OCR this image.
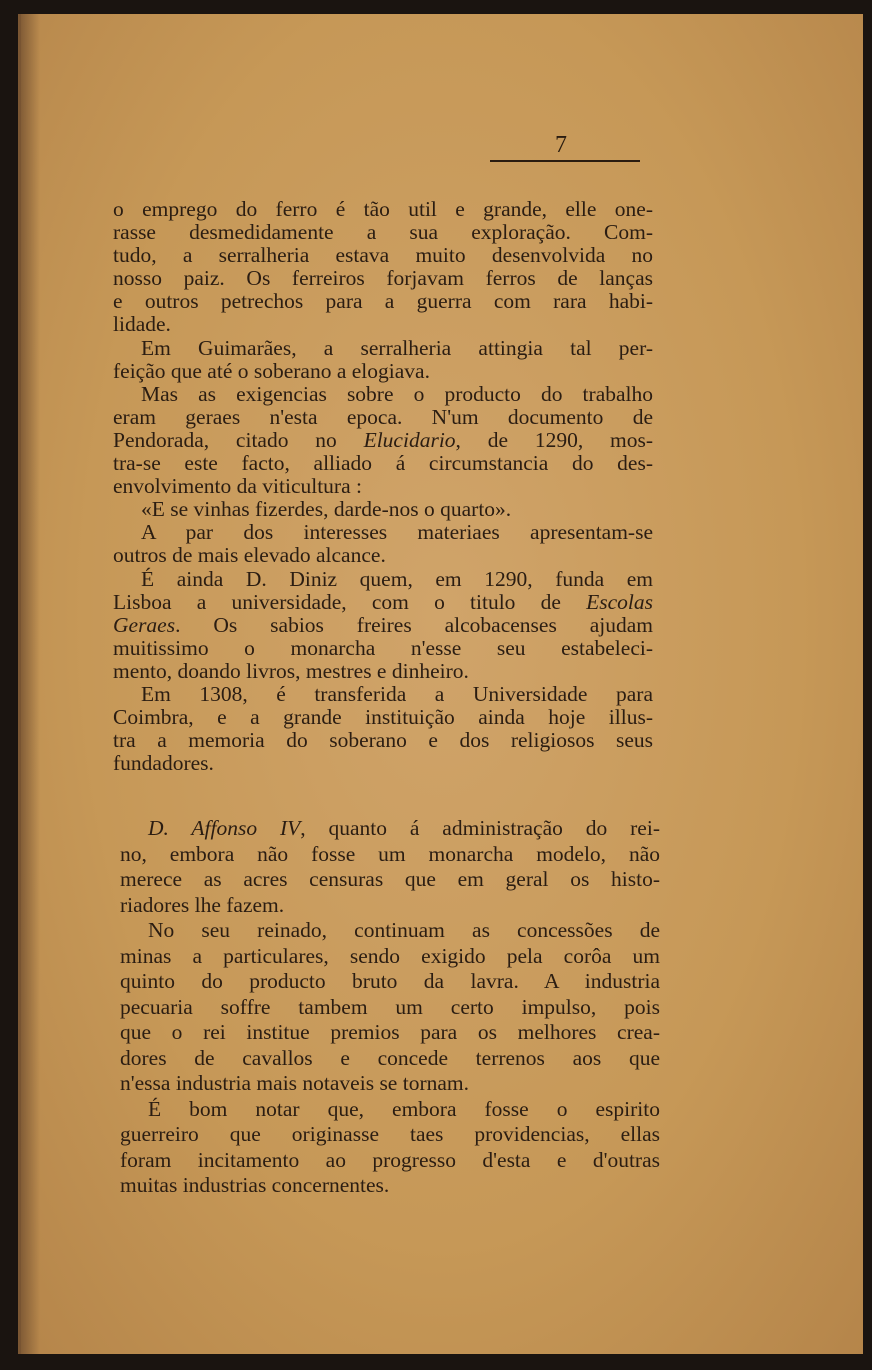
7
o emprego do ferro é tão util e grande, elle one-
rasse desmedidamente a sua exploração. Com-
tudo, a serralheria estava muito desenvolvida no
nosso paiz. Os ferreiros forjavam ferros de lanças
e outros petrechos para a guerra com rara habi-
lidade.
Em Guimarães, a serralheria attingia tal per-
feição que até o soberano a elogiava.
Mas as exigencias sobre o producto do trabalho
eram geraes n'esta epoca. N'um documento de
Pendorada, citado no Elucidario, de 1290, mos-
tra-se este facto, alliado á circumstancia do des-
envolvimento da viticultura :
«E se vinhas fizerdes, darde-nos o quarto».
A par dos interesses materiaes apresentam-se
outros de mais elevado alcance.
É ainda D. Diniz quem, em 1290, funda em
Lisboa a universidade, com o titulo de Escolas
Geraes. Os sabios freires alcobacenses ajudam
muitissimo o monarcha n'esse seu estabeleci-
mento, doando livros, mestres e dinheiro.
Em 1308, é transferida a Universidade para
Coimbra, e a grande instituição ainda hoje illus-
tra a memoria do soberano e dos religiosos seus
fundadores.
D. Affonso IV, quanto á administração do rei-
no, embora não fosse um monarcha modelo, não
merece as acres censuras que em geral os histo-
riadores lhe fazem.
No seu reinado, continuam as concessões de
minas a particulares, sendo exigido pela corôa um
quinto do producto bruto da lavra. A industria
pecuaria soffre tambem um certo impulso, pois
que o rei institue premios para os melhores crea-
dores de cavallos e concede terrenos aos que
n'essa industria mais notaveis se tornam.
É bom notar que, embora fosse o espirito
guerreiro que originasse taes providencias, ellas
foram incitamento ao progresso d'esta e d'outras
muitas industrias concernentes.
